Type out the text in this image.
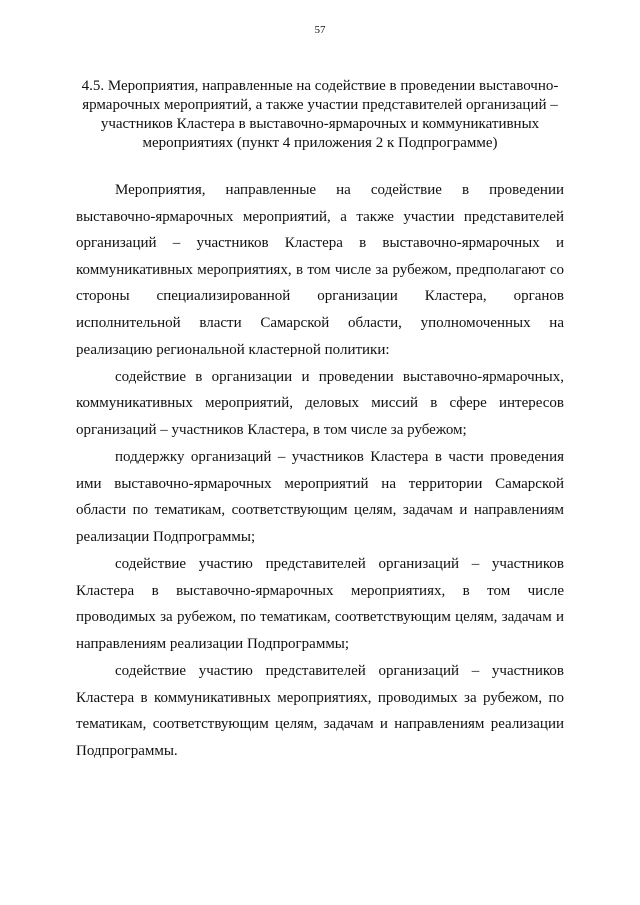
57
4.5. Мероприятия, направленные на содействие в проведении выставочно-ярмарочных мероприятий, а также участии представителей организаций – участников Кластера в выставочно-ярмарочных и коммуникативных мероприятиях (пункт 4 приложения 2 к Подпрограмме)

Мероприятия, направленные на содействие в проведении выставочно-ярмарочных мероприятий, а также участии представителей организаций – участников Кластера в выставочно-ярмарочных и коммуникативных мероприятиях, в том числе за рубежом, предполагают со стороны специализированной организации Кластера, органов исполнительной власти Самарской области, уполномоченных на реализацию региональной кластерной политики:

содействие в организации и проведении выставочно-ярмарочных, коммуникативных мероприятий, деловых миссий в сфере интересов организаций – участников Кластера, в том числе за рубежом;

поддержку организаций – участников Кластера в части проведения ими выставочно-ярмарочных мероприятий на территории Самарской области по тематикам, соответствующим целям, задачам и направлениям реализации Подпрограммы;

содействие участию представителей организаций – участников Кластера в выставочно-ярмарочных мероприятиях, в том числе проводимых за рубежом, по тематикам, соответствующим целям, задачам и направлениям реализации Подпрограммы;

содействие участию представителей организаций – участников Кластера в коммуникативных мероприятиях, проводимых за рубежом, по тематикам, соответствующим целям, задачам и направлениям реализации Подпрограммы.
